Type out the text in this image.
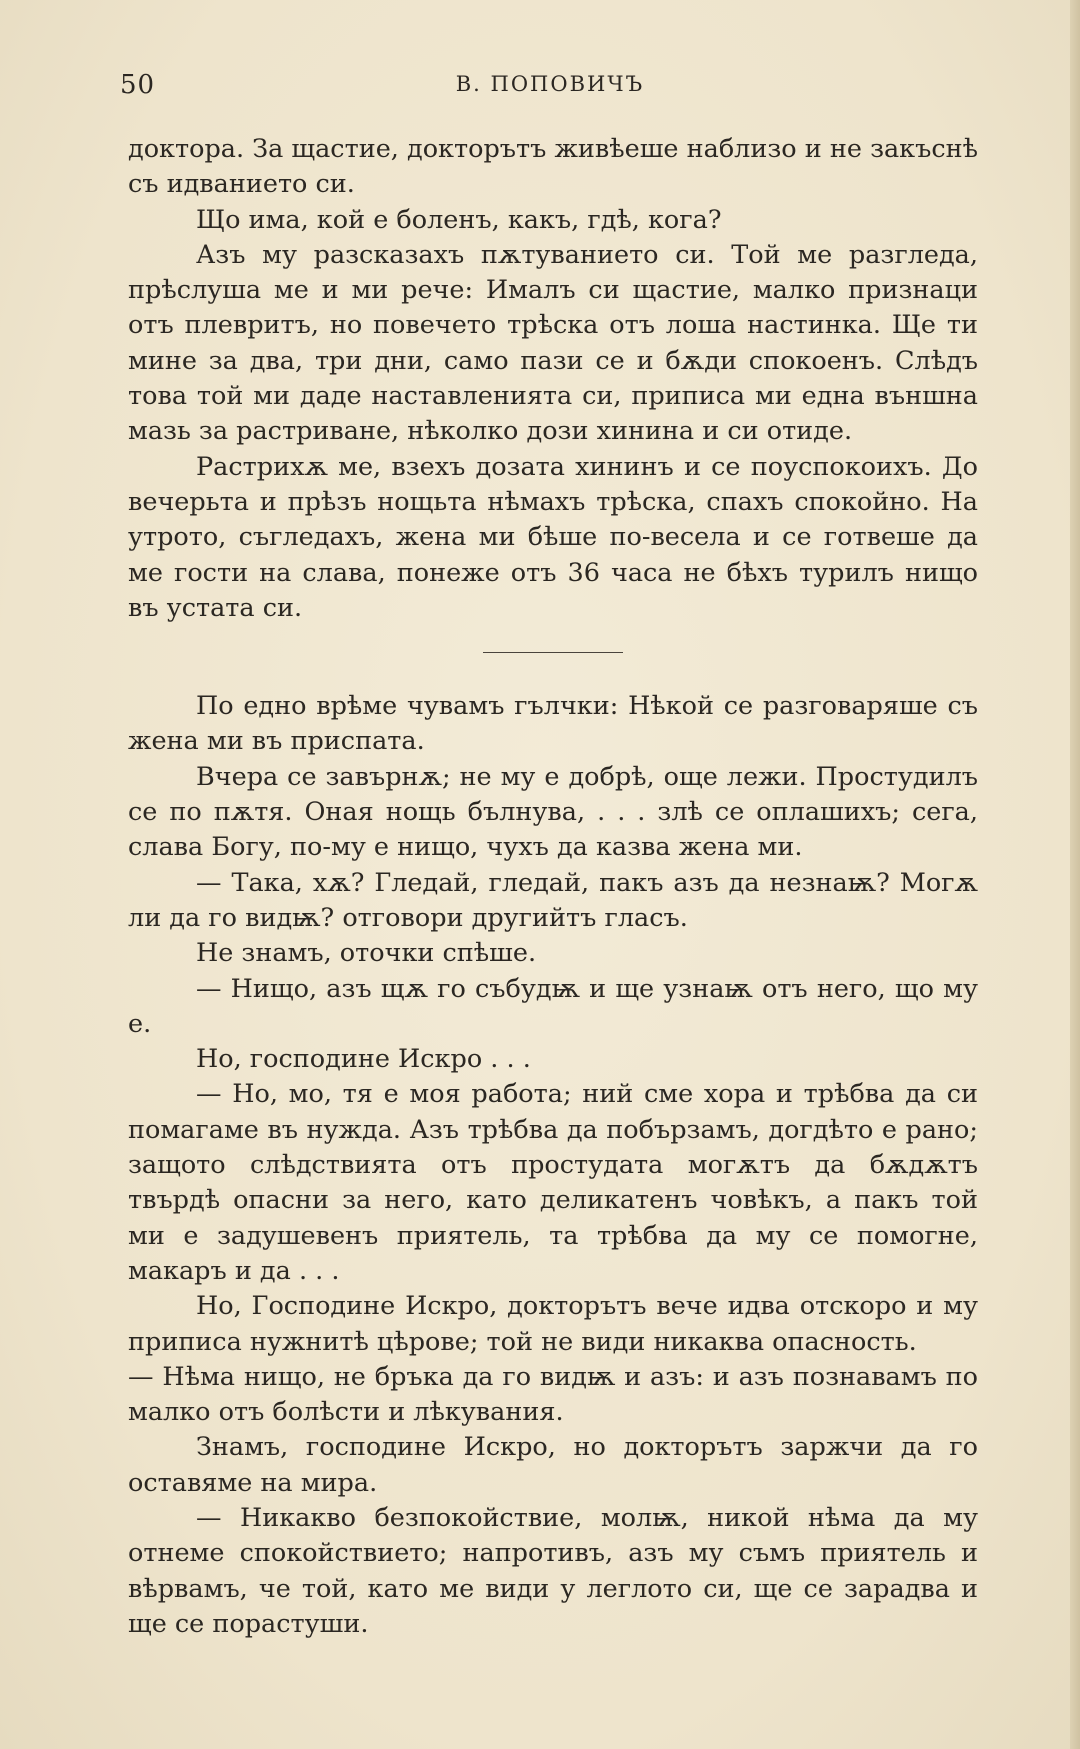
50	В. ПОПОВИЧЪ

доктора. За щастие, докторътъ живѣеше наблизо и не закъснѣ съ идванието си.

Що има, кой е боленъ, какъ, гдѣ, кога?

Азъ му разсказахъ пѫтуванието си. Той ме разгледа, прѣслуша ме и ми рече: Ималъ си щастие, малко признаци отъ плевритъ, но повечето трѣска отъ лоша настинка. Ще ти мине за два, три дни, само пази се и бѫди спокоенъ. Слѣдъ това той ми даде наставленията си, приписа ми една външна мазь за растриване, нѣколко дози хинина и си отиде.

Растрихѫ ме, взехъ дозата хининъ и се поуспокоихъ. До вечерьта и прѣзъ нощьта нѣмахъ трѣска, спахъ спокойно. На утрото, съгледахъ, жена ми бѣше по-весела и се готвеше да ме гости на слава, понеже отъ 36 часа не бѣхъ турилъ нищо въ устата си.

По едно врѣме чувамъ гълчки: Нѣкой се разговаряше съ жена ми въ приспата.

Вчера се завърнѫ; не му е добрѣ, още лежи. Простудилъ се по пѫтя. Оная нощь бълнува, . . . злѣ се оплашихъ; сега, слава Богу, по-му е нищо, чухъ да казва жена ми.

— Така, хѫ? Гледай, гледай, пакъ азъ да незнаѭ? Могѫ ли да го видѭ? отговори другийтъ гласъ.

Не знамъ, оточки спѣше.

— Нищо, азъ щѫ го събудѭ и ще узнаѭ отъ него, що му е.

Но, господине Искро . . .

— Но, мо, тя е моя работа; ний сме хора и трѣбва да си помагаме въ нужда. Азъ трѣбва да побързамъ, догдѣто е рано; защото слѣдствията отъ простудата могѫтъ да бѫдѫтъ твърдѣ опасни за него, като деликатенъ човѣкъ, а пакъ той ми е задушевенъ приятель, та трѣбва да му се помогне, макаръ и да . . .

Но, Господине Искро, докторътъ вече идва отскоро и му приписа нужнитѣ цѣрове; той не види никаква опасность.

— Нѣма нищо, не бръка да го видѭ и азъ: и азъ познавамъ по малко отъ болѣсти и лѣкувания.

Знамъ, господине Искро, но докторътъ заржчи да го оставяме на мира.

— Никакво безпокойствие, молѭ, никой нѣма да му отнеме спокойствието; напротивъ, азъ му съмъ приятель и вѣрвамъ, че той, като ме види у леглото си, ще се зарадва и ще се порастуши.
